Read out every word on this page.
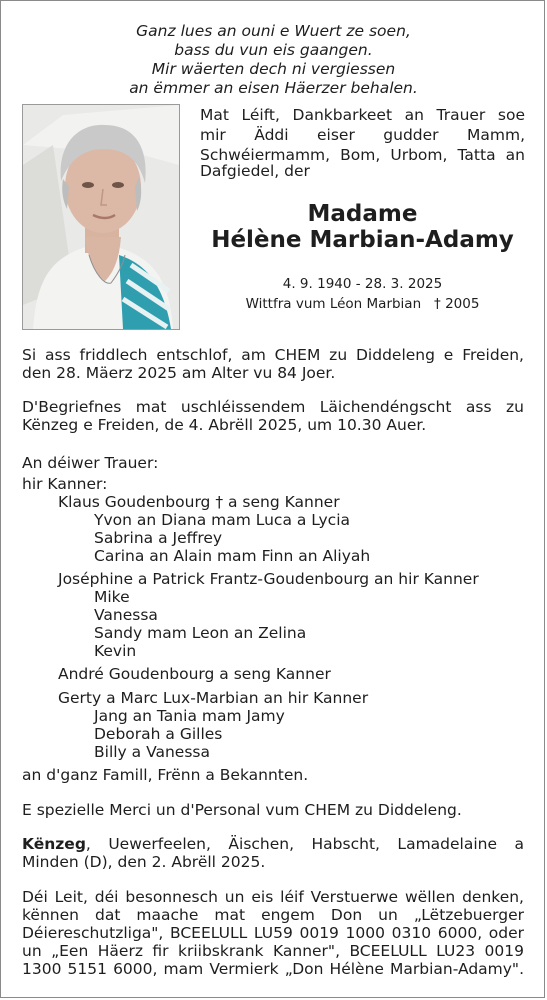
Ganz lues an ouni e Wuert ze soen,
bass du vun eis gaangen.
Mir wäerten dech ni vergiessen
an ëmmer an eisen Häerzer behalen.
Mat Léift, Dankbarkeet an Trauer soe
mir Äddi eiser gudder Mamm,
Schwéiermamm, Bom, Urbom, Tatta an
Dafgiedel, der
Madame
Hélène Marbian-Adamy
4. 9. 1940 - 28. 3. 2025
Wittfra vum Léon Marbian † 2005
Si ass friddlech entschlof, am CHEM zu Diddeleng e Freiden,
den 28. Mäerz 2025 am Alter vu 84 Joer.
D'Begriefnes mat uschléissendem Läichendéngscht ass zu
Kënzeg e Freiden, de 4. Abrëll 2025, um 10.30 Auer.
An déiwer Trauer:
hir Kanner:
Klaus Goudenbourg † a seng Kanner
Yvon an Diana mam Luca a Lycia
Sabrina a Jeffrey
Carina an Alain mam Finn an Aliyah
Joséphine a Patrick Frantz-Goudenbourg an hir Kanner
Mike
Vanessa
Sandy mam Leon an Zelina
Kevin
André Goudenbourg a seng Kanner
Gerty a Marc Lux-Marbian an hir Kanner
Jang an Tania mam Jamy
Deborah a Gilles
Billy a Vanessa
an d'ganz Famill, Frënn a Bekannten.
E spezielle Merci un d'Personal vum CHEM zu Diddeleng.
Kënzeg, Uewerfeelen, Äischen, Habscht, Lamadelaine a
Minden (D), den 2. Abrëll 2025.
Déi Leit, déi besonnesch un eis léif Verstuerwe wëllen denken,
kënnen dat maache mat engem Don un „Lëtzebuerger
Déiereschutzliga", BCEELULL LU59 0019 1000 0310 6000, oder
un „Een Häerz fir kriibskrank Kanner", BCEELULL LU23 0019
1300 5151 6000, mam Vermierk „Don Hélène Marbian-Adamy".
